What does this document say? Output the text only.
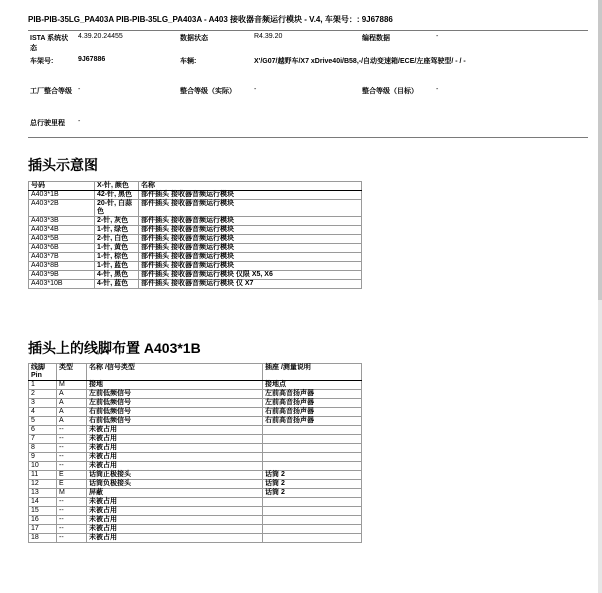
PIB-PIB-35LG_PA403A PIB-PIB-35LG_PA403A - A403 接收器音频运行模块 - V.4, 车架号：: 9J67886
ISTA 系统状态	4.39.20.24455	数据状态	R4.39.20	编程数据	-
车架号:	9J67886	车辆:	X'/G07/越野车/X7 xDrive40i/B58,-/自动变速箱/ECE/左座驾驶型/ - / -		
工厂整合等级	-	整合等级（实际）	-	整合等级（目标）	-
总行驶里程	-				
插头示意图
号码	X-针, 颜色	名称
A403*1B	42-针, 黑色	部件插头 接收器音频运行模块
A403*2B	20-针, 白蒜色	部件插头 接收器音频运行模块
A403*3B	2-针, 灰色	部件插头 接收器音频运行模块
A403*4B	1-针, 绿色	部件插头 接收器音频运行模块
A403*5B	2-针, 白色	部件插头 接收器音频运行模块
A403*6B	1-针, 黄色	部件插头 接收器音频运行模块
A403*7B	1-针, 棕色	部件插头 接收器音频运行模块
A403*8B	1-针, 蓝色	部件插头 接收器音频运行模块
A403*9B	4-针, 黑色	部件插头 接收器音频运行模块 仅限 X5, X6
A403*10B	4-针, 蓝色	部件插头 接收器音频运行模块 仅 X7
插头上的线脚布置 A403*1B
线脚 Pin	类型	名称 /信号类型	插座 /测量说明
1	M	接地	接地点
2	A	左前低频信号	左前高音扬声器
3	A	左前低频信号	左前高音扬声器
4	A	右前低频信号	右前高音扬声器
5	A	右前低频信号	右前高音扬声器
6	--	未被占用	
7	--	未被占用	
8	--	未被占用	
9	--	未被占用	
10	--	未被占用	
11	E	话筒正极接头	话筒 2
12	E	话筒负极接头	话筒 2
13	M	屏蔽	话筒 2
14	--	未被占用	
15	--	未被占用	
16	--	未被占用	
17	--	未被占用	
18	--	未被占用	
